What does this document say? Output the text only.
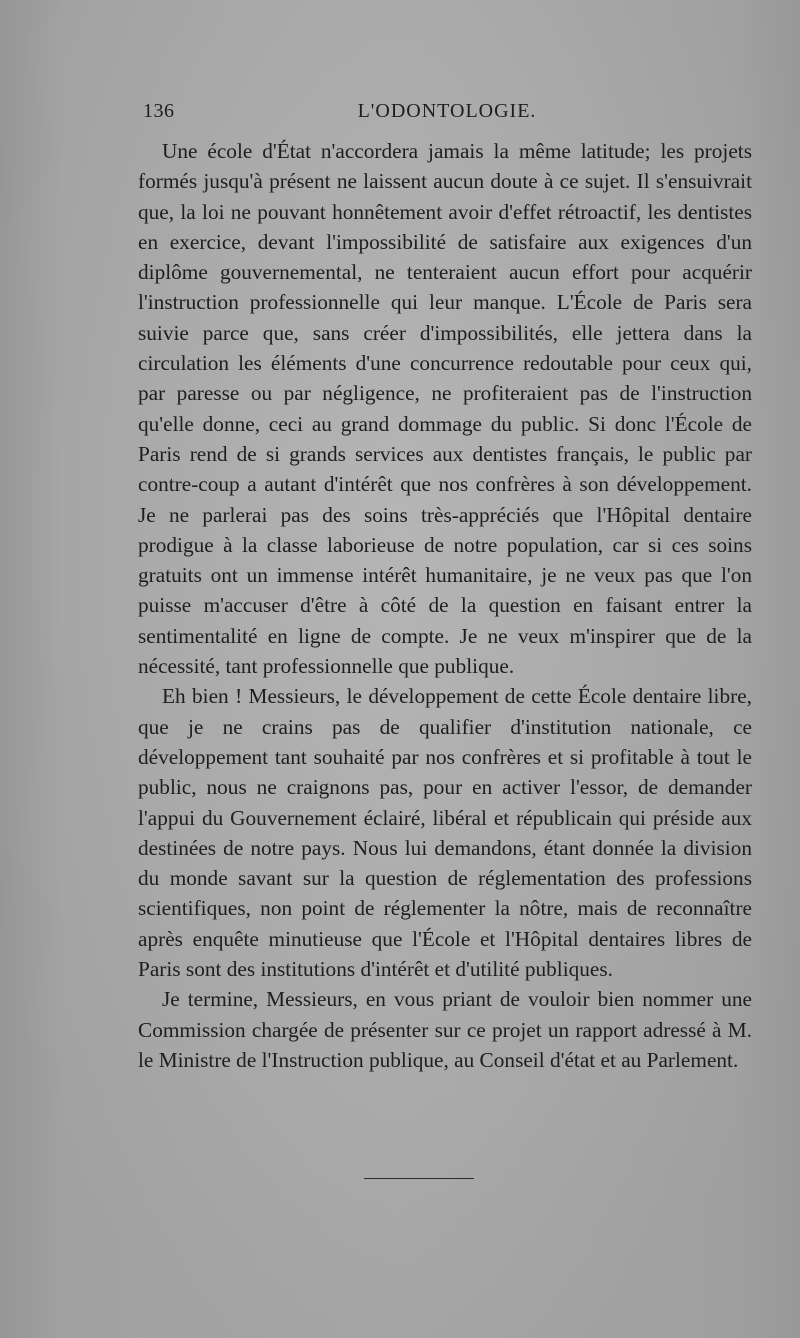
136	L'ODONTOLOGIE.

Une école d'État n'accordera jamais la même latitude; les projets formés jusqu'à présent ne laissent aucun doute à ce sujet. Il s'ensuivrait que, la loi ne pouvant honnêtement avoir d'effet rétroactif, les dentistes en exercice, devant l'impossibilité de satisfaire aux exigences d'un diplôme gouvernemental, ne tenteraient aucun effort pour acquérir l'instruction professionnelle qui leur manque. L'École de Paris sera suivie parce que, sans créer d'impossibilités, elle jettera dans la circulation les éléments d'une concurrence redoutable pour ceux qui, par paresse ou par négligence, ne profiteraient pas de l'instruction qu'elle donne, ceci au grand dommage du public. Si donc l'École de Paris rend de si grands services aux dentistes français, le public par contre-coup a autant d'intérêt que nos confrères à son développement. Je ne parlerai pas des soins très-appréciés que l'Hôpital dentaire prodigue à la classe laborieuse de notre population, car si ces soins gratuits ont un immense intérêt humanitaire, je ne veux pas que l'on puisse m'accuser d'être à côté de la question en faisant entrer la sentimentalité en ligne de compte. Je ne veux m'inspirer que de la nécessité, tant professionnelle que publique.

Eh bien ! Messieurs, le développement de cette École dentaire libre, que je ne crains pas de qualifier d'institution nationale, ce développement tant souhaité par nos confrères et si profitable à tout le public, nous ne craignons pas, pour en activer l'essor, de demander l'appui du Gouvernement éclairé, libéral et républicain qui préside aux destinées de notre pays. Nous lui demandons, étant donnée la division du monde savant sur la question de réglementation des professions scientifiques, non point de réglementer la nôtre, mais de reconnaître après enquête minutieuse que l'École et l'Hôpital dentaires libres de Paris sont des institutions d'intérêt et d'utilité publiques.

Je termine, Messieurs, en vous priant de vouloir bien nommer une Commission chargée de présenter sur ce projet un rapport adressé à M. le Ministre de l'Instruction publique, au Conseil d'état et au Parlement.
